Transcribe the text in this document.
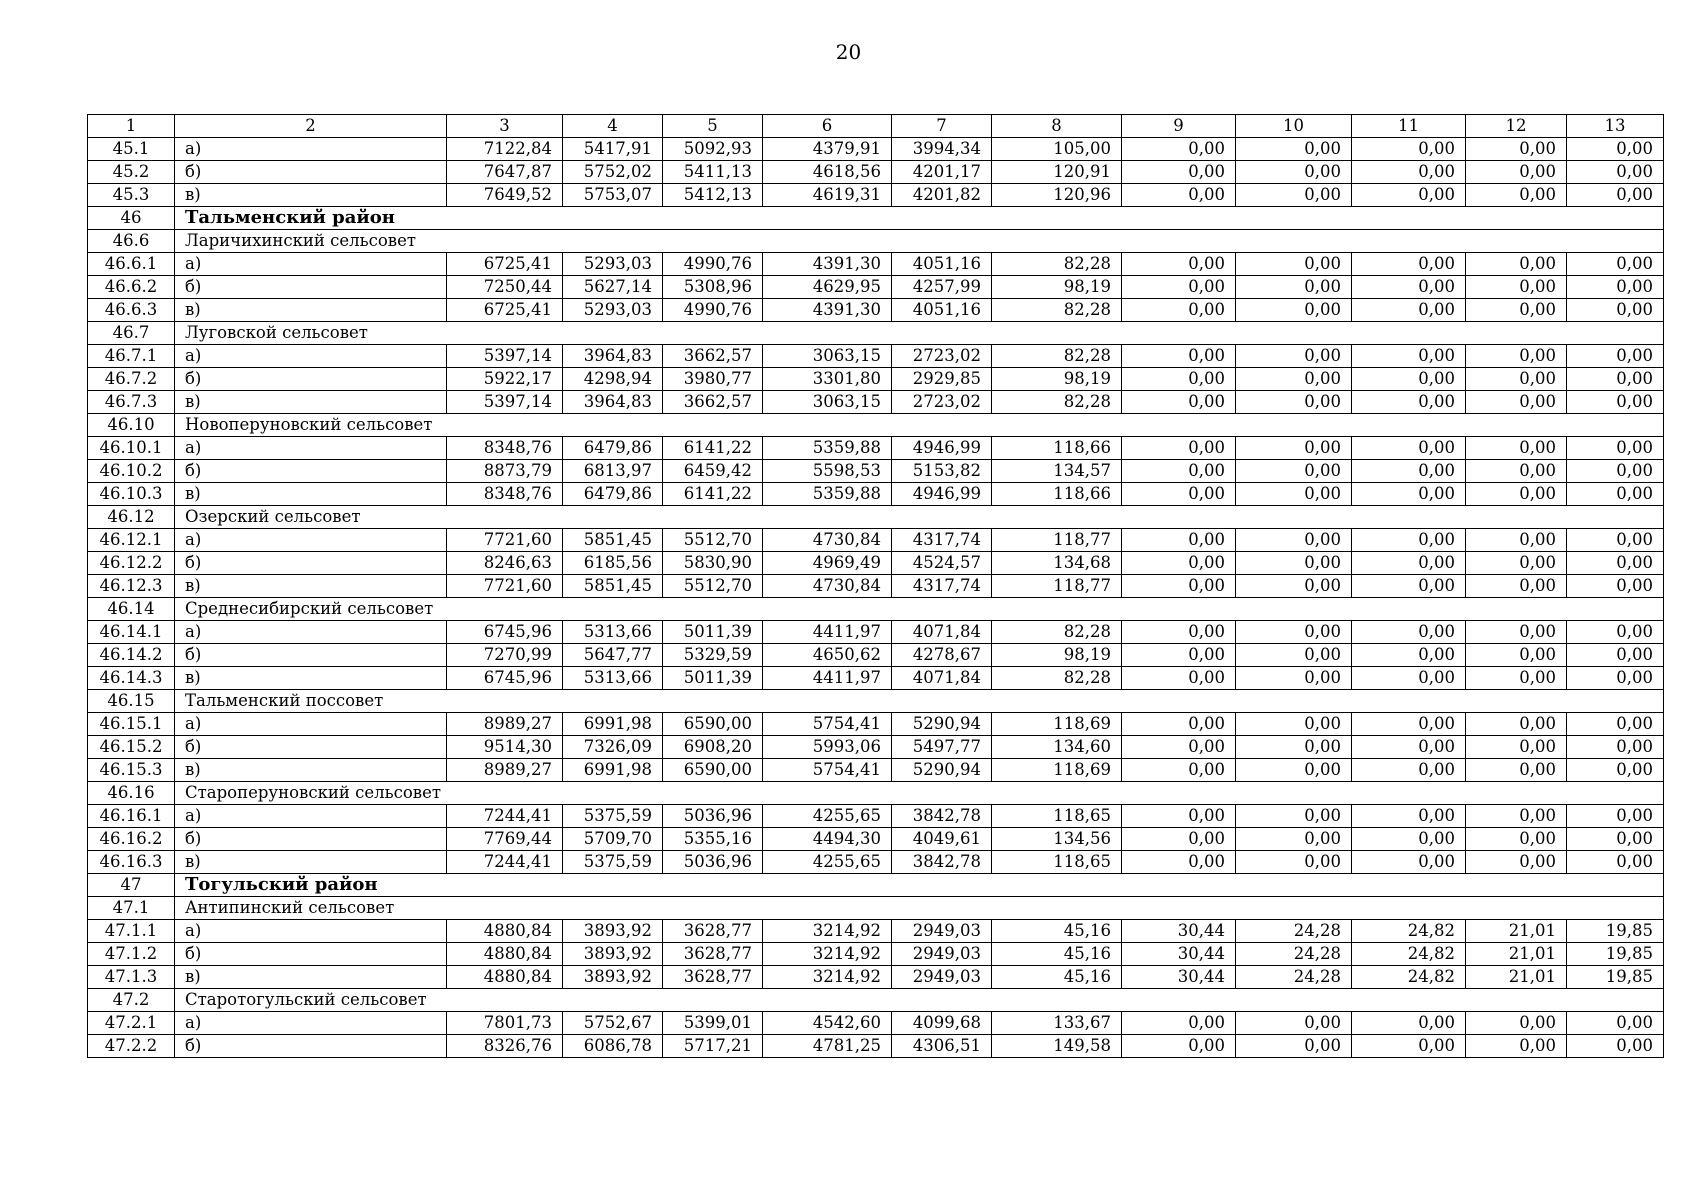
20
1	2	3	4	5	6	7	8	9	10	11	12	13
45.1	а)	7122,84	5417,91	5092,93	4379,91	3994,34	105,00	0,00	0,00	0,00	0,00	0,00
45.2	б)	7647,87	5752,02	5411,13	4618,56	4201,17	120,91	0,00	0,00	0,00	0,00	0,00
45.3	в)	7649,52	5753,07	5412,13	4619,31	4201,82	120,96	0,00	0,00	0,00	0,00	0,00
46	Тальменский район											
46.6	Ларичихинский сельсовет											
46.6.1	а)	6725,41	5293,03	4990,76	4391,30	4051,16	82,28	0,00	0,00	0,00	0,00	0,00
46.6.2	б)	7250,44	5627,14	5308,96	4629,95	4257,99	98,19	0,00	0,00	0,00	0,00	0,00
46.6.3	в)	6725,41	5293,03	4990,76	4391,30	4051,16	82,28	0,00	0,00	0,00	0,00	0,00
46.7	Луговской сельсовет											
46.7.1	а)	5397,14	3964,83	3662,57	3063,15	2723,02	82,28	0,00	0,00	0,00	0,00	0,00
46.7.2	б)	5922,17	4298,94	3980,77	3301,80	2929,85	98,19	0,00	0,00	0,00	0,00	0,00
46.7.3	в)	5397,14	3964,83	3662,57	3063,15	2723,02	82,28	0,00	0,00	0,00	0,00	0,00
46.10	Новоперуновский сельсовет											
46.10.1	а)	8348,76	6479,86	6141,22	5359,88	4946,99	118,66	0,00	0,00	0,00	0,00	0,00
46.10.2	б)	8873,79	6813,97	6459,42	5598,53	5153,82	134,57	0,00	0,00	0,00	0,00	0,00
46.10.3	в)	8348,76	6479,86	6141,22	5359,88	4946,99	118,66	0,00	0,00	0,00	0,00	0,00
46.12	Озерский сельсовет											
46.12.1	а)	7721,60	5851,45	5512,70	4730,84	4317,74	118,77	0,00	0,00	0,00	0,00	0,00
46.12.2	б)	8246,63	6185,56	5830,90	4969,49	4524,57	134,68	0,00	0,00	0,00	0,00	0,00
46.12.3	в)	7721,60	5851,45	5512,70	4730,84	4317,74	118,77	0,00	0,00	0,00	0,00	0,00
46.14	Среднесибирский сельсовет											
46.14.1	а)	6745,96	5313,66	5011,39	4411,97	4071,84	82,28	0,00	0,00	0,00	0,00	0,00
46.14.2	б)	7270,99	5647,77	5329,59	4650,62	4278,67	98,19	0,00	0,00	0,00	0,00	0,00
46.14.3	в)	6745,96	5313,66	5011,39	4411,97	4071,84	82,28	0,00	0,00	0,00	0,00	0,00
46.15	Тальменский поссовет											
46.15.1	а)	8989,27	6991,98	6590,00	5754,41	5290,94	118,69	0,00	0,00	0,00	0,00	0,00
46.15.2	б)	9514,30	7326,09	6908,20	5993,06	5497,77	134,60	0,00	0,00	0,00	0,00	0,00
46.15.3	в)	8989,27	6991,98	6590,00	5754,41	5290,94	118,69	0,00	0,00	0,00	0,00	0,00
46.16	Староперуновский сельсовет											
46.16.1	а)	7244,41	5375,59	5036,96	4255,65	3842,78	118,65	0,00	0,00	0,00	0,00	0,00
46.16.2	б)	7769,44	5709,70	5355,16	4494,30	4049,61	134,56	0,00	0,00	0,00	0,00	0,00
46.16.3	в)	7244,41	5375,59	5036,96	4255,65	3842,78	118,65	0,00	0,00	0,00	0,00	0,00
47	Тогульский район											
47.1	Антипинский сельсовет											
47.1.1	а)	4880,84	3893,92	3628,77	3214,92	2949,03	45,16	30,44	24,28	24,82	21,01	19,85
47.1.2	б)	4880,84	3893,92	3628,77	3214,92	2949,03	45,16	30,44	24,28	24,82	21,01	19,85
47.1.3	в)	4880,84	3893,92	3628,77	3214,92	2949,03	45,16	30,44	24,28	24,82	21,01	19,85
47.2	Старотогульский сельсовет											
47.2.1	а)	7801,73	5752,67	5399,01	4542,60	4099,68	133,67	0,00	0,00	0,00	0,00	0,00
47.2.2	б)	8326,76	6086,78	5717,21	4781,25	4306,51	149,58	0,00	0,00	0,00	0,00	0,00
